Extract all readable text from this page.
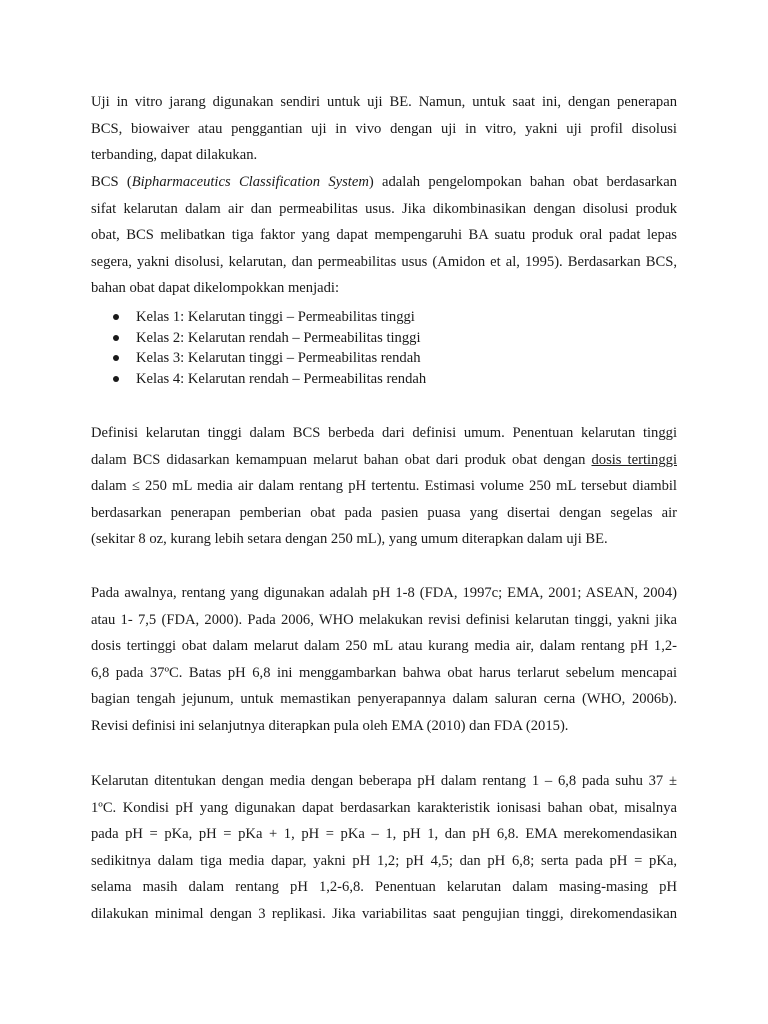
Uji in vitro jarang digunakan sendiri untuk uji BE. Namun, untuk saat ini, dengan penerapan
BCS, biowaiver atau penggantian uji in vivo dengan uji in vitro, yakni uji profil disolusi
terbanding, dapat dilakukan.

BCS (Bipharmaceutics Classification System) adalah pengelompokan bahan obat berdasarkan
sifat kelarutan dalam air dan permeabilitas usus. Jika dikombinasikan dengan disolusi produk
obat, BCS melibatkan tiga faktor yang dapat mempengaruhi BA suatu produk oral padat lepas
segera, yakni disolusi, kelarutan, dan permeabilitas usus (Amidon et al, 1995). Berdasarkan BCS,
bahan obat dapat dikelompokkan menjadi:

Kelas 1: Kelarutan tinggi – Permeabilitas tinggi
Kelas 2: Kelarutan rendah – Permeabilitas tinggi
Kelas 3: Kelarutan tinggi – Permeabilitas rendah
Kelas 4: Kelarutan rendah – Permeabilitas rendah

Definisi kelarutan tinggi dalam BCS berbeda dari definisi umum. Penentuan kelarutan tinggi
dalam BCS didasarkan kemampuan melarut bahan obat dari produk obat dengan dosis tertinggi
dalam ≤ 250 mL media air dalam rentang pH tertentu. Estimasi volume 250 mL tersebut diambil
berdasarkan penerapan pemberian obat pada pasien puasa yang disertai dengan segelas air
(sekitar 8 oz, kurang lebih setara dengan 250 mL), yang umum diterapkan dalam uji BE.

Pada awalnya, rentang yang digunakan adalah pH 1-8 (FDA, 1997c; EMA, 2001; ASEAN, 2004)
atau 1- 7,5 (FDA, 2000). Pada 2006, WHO melakukan revisi definisi kelarutan tinggi, yakni jika
dosis tertinggi obat dalam melarut dalam 250 mL atau kurang media air, dalam rentang pH 1,2-
6,8 pada 37ºC. Batas pH 6,8 ini menggambarkan bahwa obat harus terlarut sebelum mencapai
bagian tengah jejunum, untuk memastikan penyerapannya dalam saluran cerna (WHO, 2006b).
Revisi definisi ini selanjutnya diterapkan pula oleh EMA (2010) dan FDA (2015).

Kelarutan ditentukan dengan media dengan beberapa pH dalam rentang 1 – 6,8 pada suhu 37 ±
1ºC. Kondisi pH yang digunakan dapat berdasarkan karakteristik ionisasi bahan obat, misalnya
pada pH = pKa, pH = pKa + 1, pH = pKa – 1, pH 1, dan pH 6,8. EMA merekomendasikan
sedikitnya dalam tiga media dapar, yakni pH 1,2; pH 4,5; dan pH 6,8; serta pada pH = pKa,
selama masih dalam rentang pH 1,2-6,8. Penentuan kelarutan dalam masing-masing pH
dilakukan minimal dengan 3 replikasi. Jika variabilitas saat pengujian tinggi, direkomendasikan
